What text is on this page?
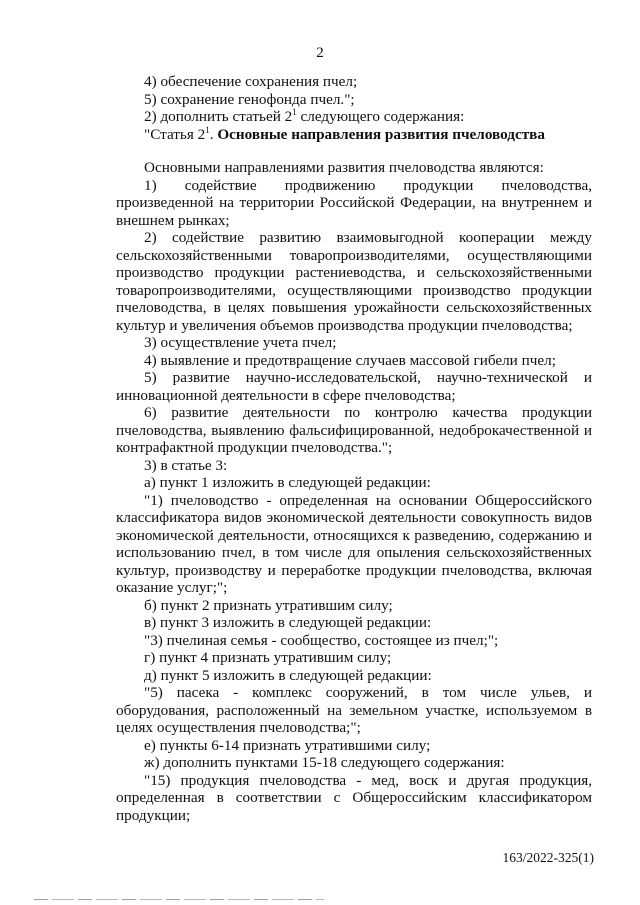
2

4) обеспечение сохранения пчел;

5) сохранение генофонда пчел.";

2) дополнить статьей $2^1$ следующего содержания:

"Статья $2^1$. Основные направления развития пчеловодства

Основными направлениями развития пчеловодства являются:

1) содействие продвижению продукции пчеловодства, произведенной на территории Российской Федерации, на внутреннем и внешнем рынках;

2) содействие развитию взаимовыгодной кооперации между сельскохозяйственными товаропроизводителями, осуществляющими производство продукции растениеводства, и сельскохозяйственными товаропроизводителями, осуществляющими производство продукции пчеловодства, в целях повышения урожайности сельскохозяйственных культур и увеличения объемов производства продукции пчеловодства;

3) осуществление учета пчел;

4) выявление и предотвращение случаев массовой гибели пчел;

5) развитие научно-исследовательской, научно-технической и инновационной деятельности в сфере пчеловодства;

6) развитие деятельности по контролю качества продукции пчеловодства, выявлению фальсифицированной, недоброкачественной и контрафактной продукции пчеловодства.";

3) в статье 3:

а) пункт 1 изложить в следующей редакции:

"1) пчеловодство - определенная на основании Общероссийского классификатора видов экономической деятельности совокупность видов экономической деятельности, относящихся к разведению, содержанию и использованию пчел, в том числе для опыления сельскохозяйственных культур, производству и переработке продукции пчеловодства, включая оказание услуг;";

б) пункт 2 признать утратившим силу;

в) пункт 3 изложить в следующей редакции:

"3) пчелиная семья - сообщество, состоящее из пчел;";

г) пункт 4 признать утратившим силу;

д) пункт 5 изложить в следующей редакции:

"5) пасека - комплекс сооружений, в том числе ульев, и оборудования, расположенный на земельном участке, используемом в целях осуществления пчеловодства;";

е) пункты 6-14 признать утратившими силу;

ж) дополнить пунктами 15-18 следующего содержания:

"15) продукция пчеловодства - мед, воск и другая продукция, определенная в соответствии с Общероссийским классификатором продукции;

163/2022-325(1)
